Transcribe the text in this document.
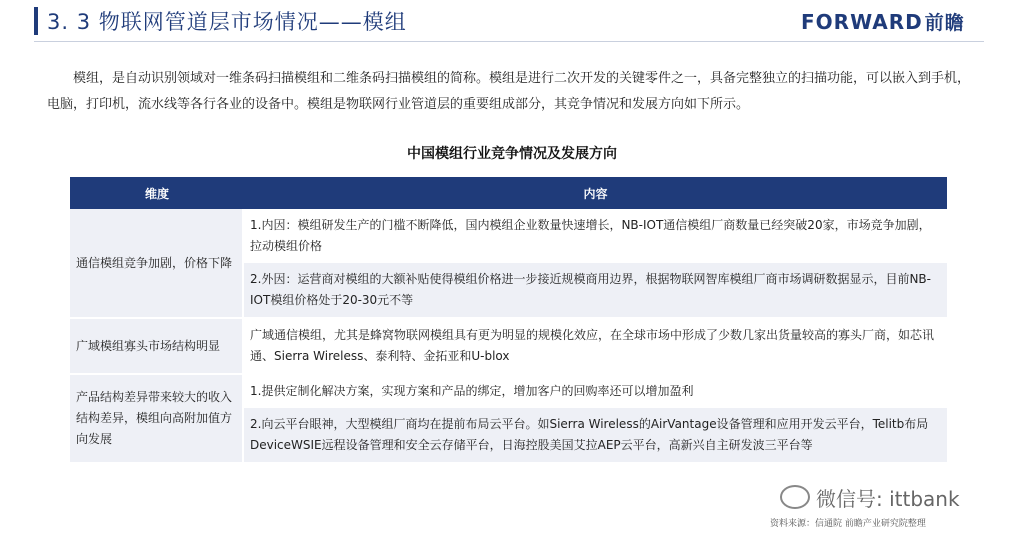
3. 3 物联网管道层市场情况——模组	FORWARD 前瞻

模组，是自动识别领域对一维条码扫描模组和二维条码扫描模组的简称。模组是进行二次开发的关键零件之一，具备完整独立的扫描功能，可以嵌入到手机，电脑，打印机，流水线等各行各业的设备中。模组是物联网行业管道层的重要组成部分，其竞争情况和发展方向如下所示。

中国模组行业竞争情况及发展方向
维度	内容
通信模组竞争加剧，价格下降	1.内因：模组研发生产的门槛不断降低，国内模组企业数量快速增长，NB-IOT通信模组厂商数量已经突破20家，市场竞争加剧，拉动模组价格
	2.外因：运营商对模组的大额补贴使得模组价格进一步接近规模商用边界，根据物联网智库模组厂商市场调研数据显示，目前NB-IOT模组价格处于20-30元不等
广域模组寡头市场结构明显	广域通信模组，尤其是蜂窝物联网模组具有更为明显的规模化效应，在全球市场中形成了少数几家出货量较高的寡头厂商，如芯讯通、Sierra Wireless、泰利特、金拓亚和U-blox
产品结构差异带来较大的收入结构差异，模组向高附加值方向发展	1.提供定制化解决方案，实现方案和产品的绑定，增加客户的回购率还可以增加盈利
	2.向云平台眼神，大型模组厂商均在提前布局云平台。如Sierra Wireless的AirVantage设备管理和应用开发云平台，Telitb布局DeviceWSIE远程设备管理和安全云存储平台，日海控股美国艾拉AEP云平台，高新兴自主研发波三平台等
微信号: ittbank
资料来源：信通院 前瞻产业研究院整理
